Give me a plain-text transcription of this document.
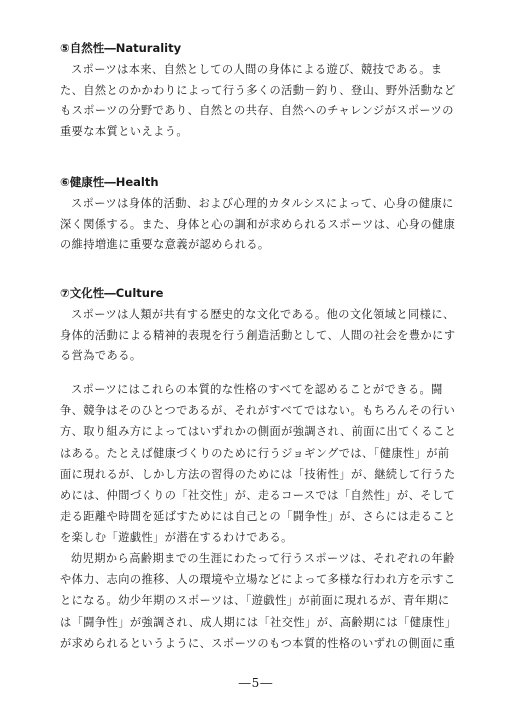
⑤自然性―Naturality

スポーツは本来、自然としての人間の身体による遊び、競技である。また、自然とのかかわりによって行う多くの活動－釣り、登山、野外活動などもスポーツの分野であり、自然との共存、自然へのチャレンジがスポーツの重要な本質といえよう。

⑥健康性―Health

スポーツは身体的活動、および心理的カタルシスによって、心身の健康に深く関係する。また、身体と心の調和が求められるスポーツは、心身の健康の維持増進に重要な意義が認められる。

⑦文化性―Culture

スポーツは人類が共有する歴史的な文化である。他の文化領域と同様に、身体的活動による精神的表現を行う創造活動として、人間の社会を豊かにする営為である。

スポーツにはこれらの本質的な性格のすべてを認めることができる。闘争、競争はそのひとつであるが、それがすべてではない。もちろんその行い方、取り組み方によってはいずれかの側面が強調され、前面に出てくることはある。たとえば健康づくりのために行うジョギングでは、「健康性」が前面に現れるが、しかし方法の習得のためには「技術性」が、継続して行うためには、仲間づくりの「社交性」が、走るコースでは「自然性」が、そして走る距離や時間を延ばすためには自己との「闘争性」が、さらには走ることを楽しむ「遊戯性」が潜在するわけである。

幼児期から高齢期までの生涯にわたって行うスポーツは、それぞれの年齢や体力、志向の推移、人の環境や立場などによって多様な行われ方を示すことになる。幼少年期のスポーツは、「遊戯性」が前面に現れるが、青年期には「闘争性」が強調され、成人期には「社交性」が、高齢期には「健康性」が求められるというように、スポーツのもつ本質的性格のいずれの側面に重

―5―
